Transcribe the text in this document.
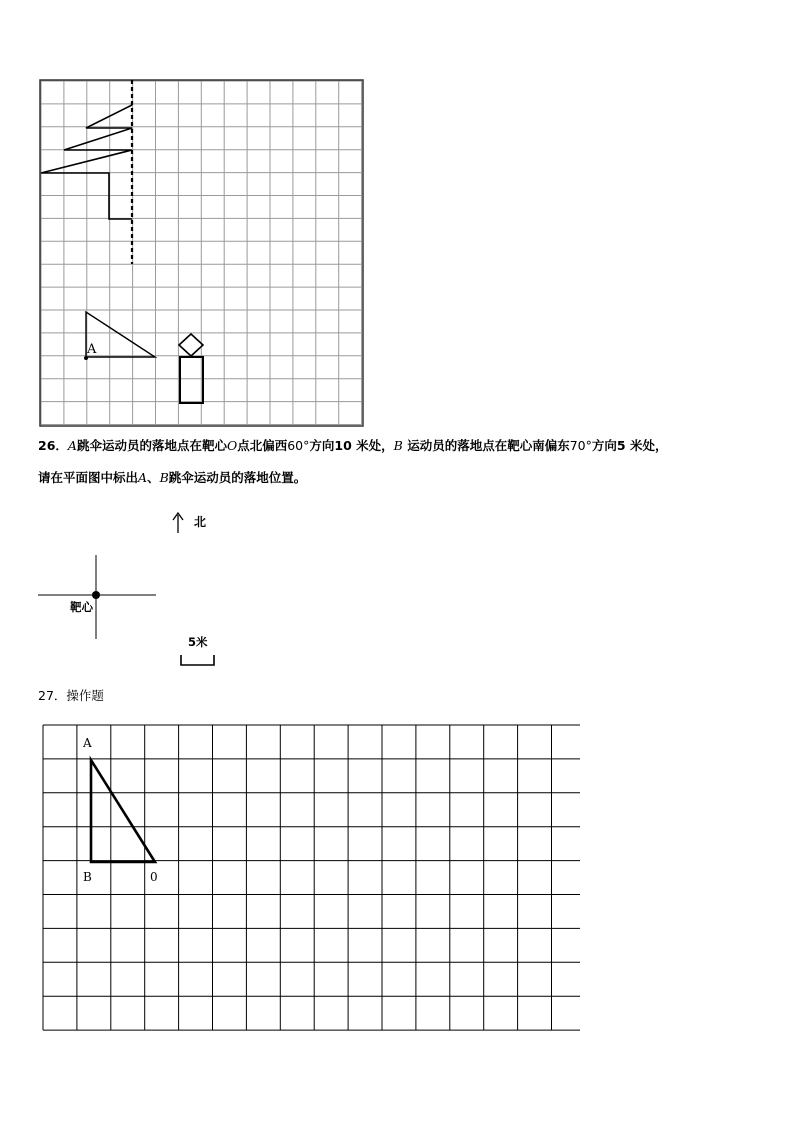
A
26．A跳伞运动员的落地点在靶心O点北偏西60°方向10 米处，B 运动员的落地点在靶心南偏东70°方向5 米处，
请在平面图中标出A、B跳伞运动员的落地位置。
北
靶心
5米
27．操作题
A
B	0
